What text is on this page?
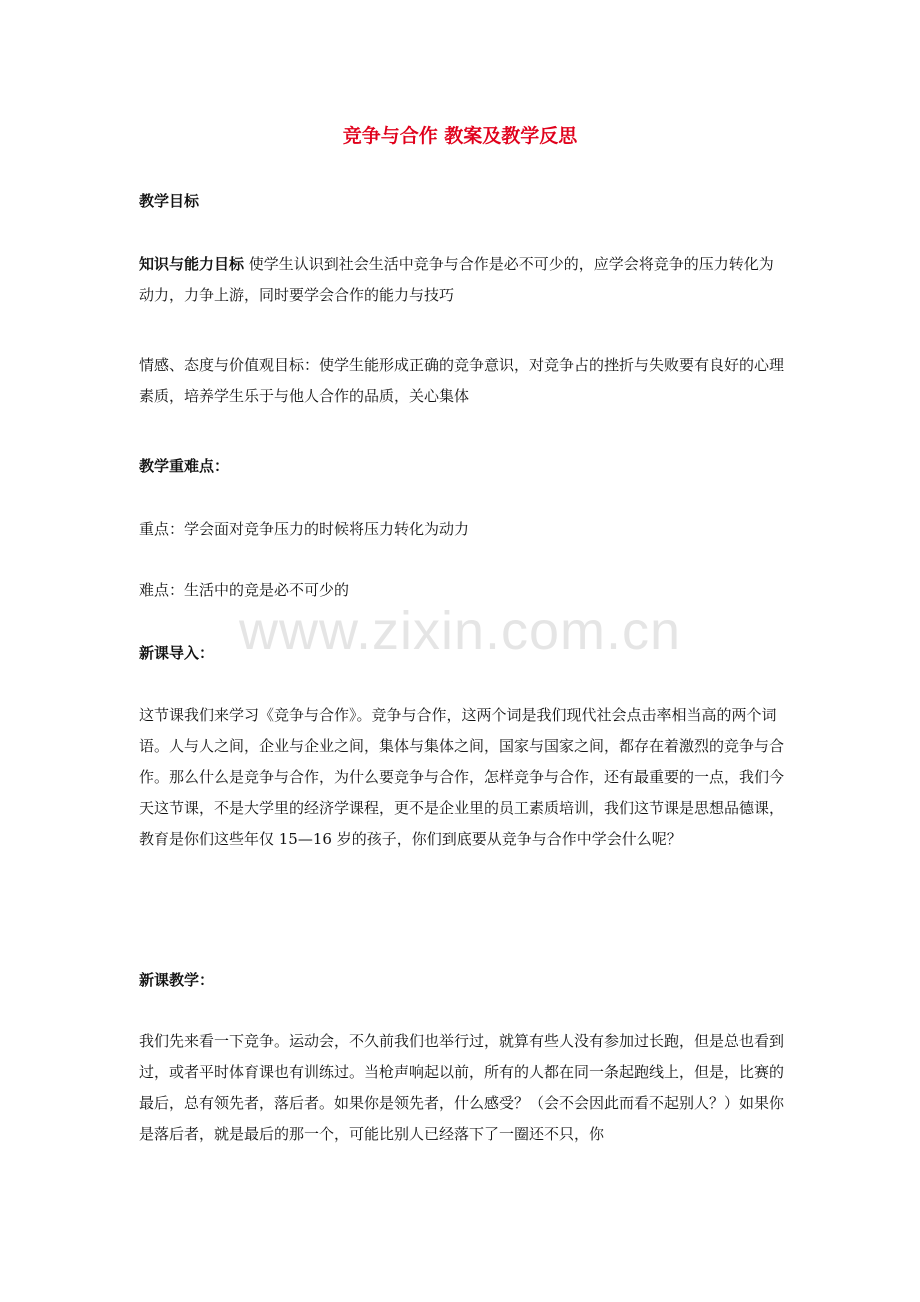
竞争与合作 教案及教学反思

教学目标

知识与能力目标 使学生认识到社会生活中竞争与合作是必不可少的，应学会将竞争的压力转化为动力，力争上游，同时要学会合作的能力与技巧

情感、态度与价值观目标：使学生能形成正确的竞争意识，对竞争占的挫折与失败要有良好的心理素质，培养学生乐于与他人合作的品质，关心集体

教学重难点：

重点：学会面对竞争压力的时候将压力转化为动力

难点：生活中的竞是必不可少的

新课导入：

这节课我们来学习《竞争与合作》。竞争与合作，这两个词是我们现代社会点击率相当高的两个词语。人与人之间，企业与企业之间，集体与集体之间，国家与国家之间，都存在着激烈的竞争与合作。那么什么是竞争与合作，为什么要竞争与合作，怎样竞争与合作，还有最重要的一点，我们今天这节课，不是大学里的经济学课程，更不是企业里的员工素质培训，我们这节课是思想品德课，教育是你们这些年仅 15—16 岁的孩子，你们到底要从竞争与合作中学会什么呢？

新课教学：

我们先来看一下竞争。运动会，不久前我们也举行过，就算有些人没有参加过长跑，但是总也看到过，或者平时体育课也有训练过。当枪声响起以前，所有的人都在同一条起跑线上，但是，比赛的最后，总有领先者，落后者。如果你是领先者，什么感受？（会不会因此而看不起别人？）如果你是落后者，就是最后的那一个，可能比别人已经落下了一圈还不只，你

www.zixin.com.cn
